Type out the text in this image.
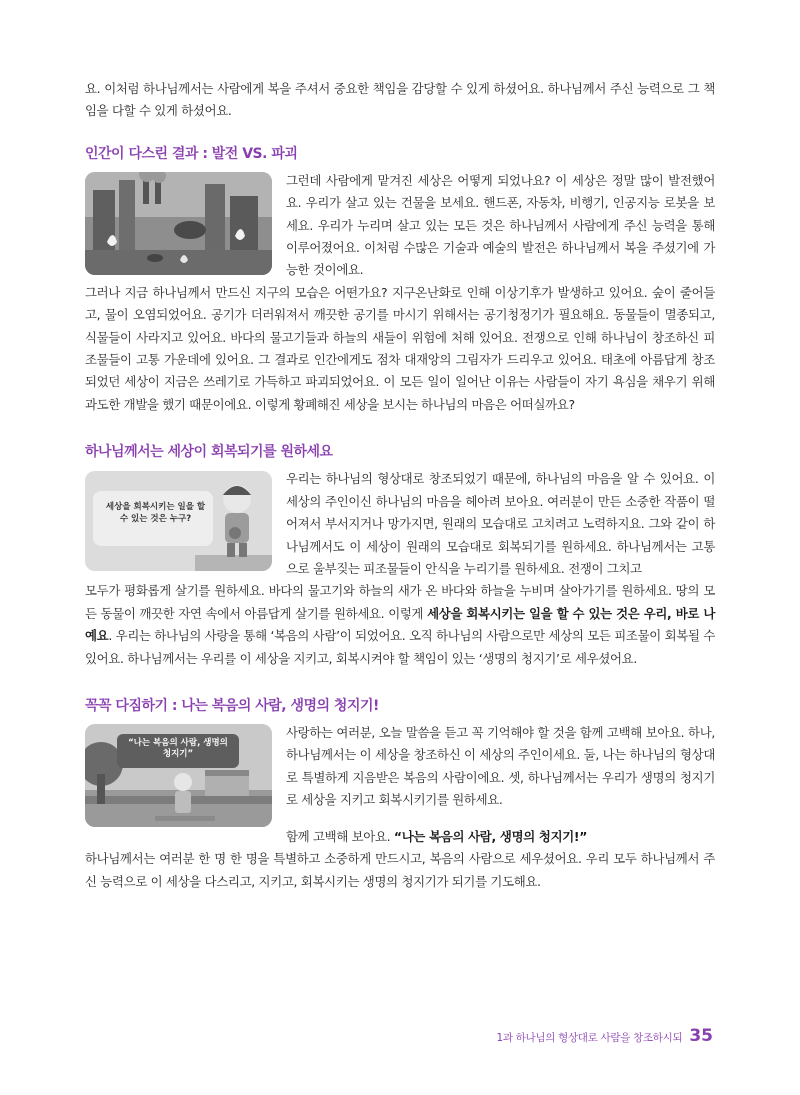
요. 이처럼 하나님께서는 사람에게 복을 주셔서 중요한 책임을 감당할 수 있게 하셨어요. 하나님께서 주신 능력으로 그 책임을 다할 수 있게 하셨어요.

인간이 다스린 결과 : 발전 VS. 파괴

그런데 사람에게 맡겨진 세상은 어떻게 되었나요? 이 세상은 정말 많이 발전했어요. 우리가 살고 있는 건물을 보세요. 핸드폰, 자동차, 비행기, 인공지능 로봇을 보세요. 우리가 누리며 살고 있는 모든 것은 하나님께서 사람에게 주신 능력을 통해 이루어졌어요. 이처럼 수많은 기술과 예술의 발전은 하나님께서 복을 주셨기에 가능한 것이에요.

그러나 지금 하나님께서 만드신 지구의 모습은 어떤가요? 지구온난화로 인해 이상기후가 발생하고 있어요. 숲이 줄어들고, 물이 오염되었어요. 공기가 더러워져서 깨끗한 공기를 마시기 위해서는 공기청정기가 필요해요. 동물들이 멸종되고, 식물들이 사라지고 있어요. 바다의 물고기들과 하늘의 새들이 위험에 처해 있어요. 전쟁으로 인해 하나님이 창조하신 피조물들이 고통 가운데에 있어요. 그 결과로 인간에게도 점차 대재앙의 그림자가 드리우고 있어요. 태초에 아름답게 창조되었던 세상이 지금은 쓰레기로 가득하고 파괴되었어요. 이 모든 일이 일어난 이유는 사람들이 자기 욕심을 채우기 위해 과도한 개발을 했기 때문이에요. 이렇게 황폐해진 세상을 보시는 하나님의 마음은 어떠실까요?

하나님께서는 세상이 회복되기를 원하세요
세상을 회복시키는 일을 할 수 있는 것은 누구?

우리는 하나님의 형상대로 창조되었기 때문에, 하나님의 마음을 알 수 있어요. 이 세상의 주인이신 하나님의 마음을 헤아려 보아요. 여러분이 만든 소중한 작품이 떨어져서 부서지거나 망가지면, 원래의 모습대로 고치려고 노력하지요. 그와 같이 하나님께서도 이 세상이 원래의 모습대로 회복되기를 원하세요. 하나님께서는 고통으로 울부짖는 피조물들이 안식을 누리기를 원하세요. 전쟁이 그치고

모두가 평화롭게 살기를 원하세요. 바다의 물고기와 하늘의 새가 온 바다와 하늘을 누비며 살아가기를 원하세요. 땅의 모든 동물이 깨끗한 자연 속에서 아름답게 살기를 원하세요. 이렇게 세상을 회복시키는 일을 할 수 있는 것은 우리, 바로 나예요. 우리는 하나님의 사랑을 통해 ‘복음의 사람’이 되었어요. 오직 하나님의 사람으로만 세상의 모든 피조물이 회복될 수 있어요. 하나님께서는 우리를 이 세상을 지키고, 회복시켜야 할 책임이 있는 ‘생명의 청지기’로 세우셨어요.

꼭꼭 다짐하기 : 나는 복음의 사람, 생명의 청지기!
“나는 복음의 사람, 생명의 청지기”

사랑하는 여러분, 오늘 말씀을 듣고 꼭 기억해야 할 것을 함께 고백해 보아요. 하나, 하나님께서는 이 세상을 창조하신 이 세상의 주인이세요. 둘, 나는 하나님의 형상대로 특별하게 지음받은 복음의 사람이에요. 셋, 하나님께서는 우리가 생명의 청지기로 세상을 지키고 회복시키기를 원하세요.

함께 고백해 보아요. “나는 복음의 사람, 생명의 청지기!”

하나님께서는 여러분 한 명 한 명을 특별하고 소중하게 만드시고, 복음의 사람으로 세우셨어요. 우리 모두 하나님께서 주신 능력으로 이 세상을 다스리고, 지키고, 회복시키는 생명의 청지기가 되기를 기도해요.

1과 하나님의 형상대로 사람을 창조하시되 35
